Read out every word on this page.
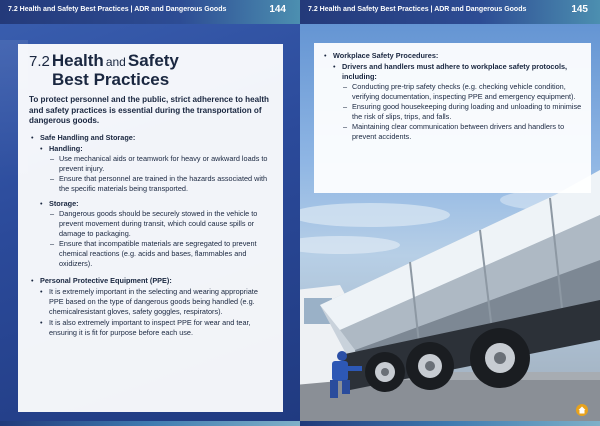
7.2 Health and Safety Best Practices | ADR and Dangerous Goods	144
7.2 Health and Safety
Best Practices

To protect personnel and the public, strict adherence to health and safety practices is essential during the transportation of dangerous goods.

• Safe Handling and Storage:
• Handling:
– Use mechanical aids or teamwork for heavy or awkward loads to prevent injury.
– Ensure that personnel are trained in the hazards associated with the specific materials being transported.
• Storage:
– Dangerous goods should be securely stowed in the vehicle to prevent movement during transit, which could cause spills or damage to packaging.
– Ensure that incompatible materials are segregated to prevent chemical reactions (e.g. acids and bases, flammables and oxidizers).
• Personal Protective Equipment (PPE):
• It is extremely important in the selecting and wearing appropriate PPE based on the type of dangerous goods being handled (e.g. chemicalresistant gloves, safety goggles, respirators).
• It is also extremely important to inspect PPE for wear and tear, ensuring it is fit for purpose before each use.
7.2 Health and Safety Best Practices | ADR and Dangerous Goods	145
• Workplace Safety Procedures:
• Drivers and handlers must adhere to workplace safety protocols, including:
– Conducting pre-trip safety checks (e.g. checking vehicle condition, verifying documentation, inspecting PPE and emergency equipment).
– Ensuring good housekeeping during loading and unloading to minimise the risk of slips, trips, and falls.
– Maintaining clear communication between drivers and handlers to prevent accidents.
